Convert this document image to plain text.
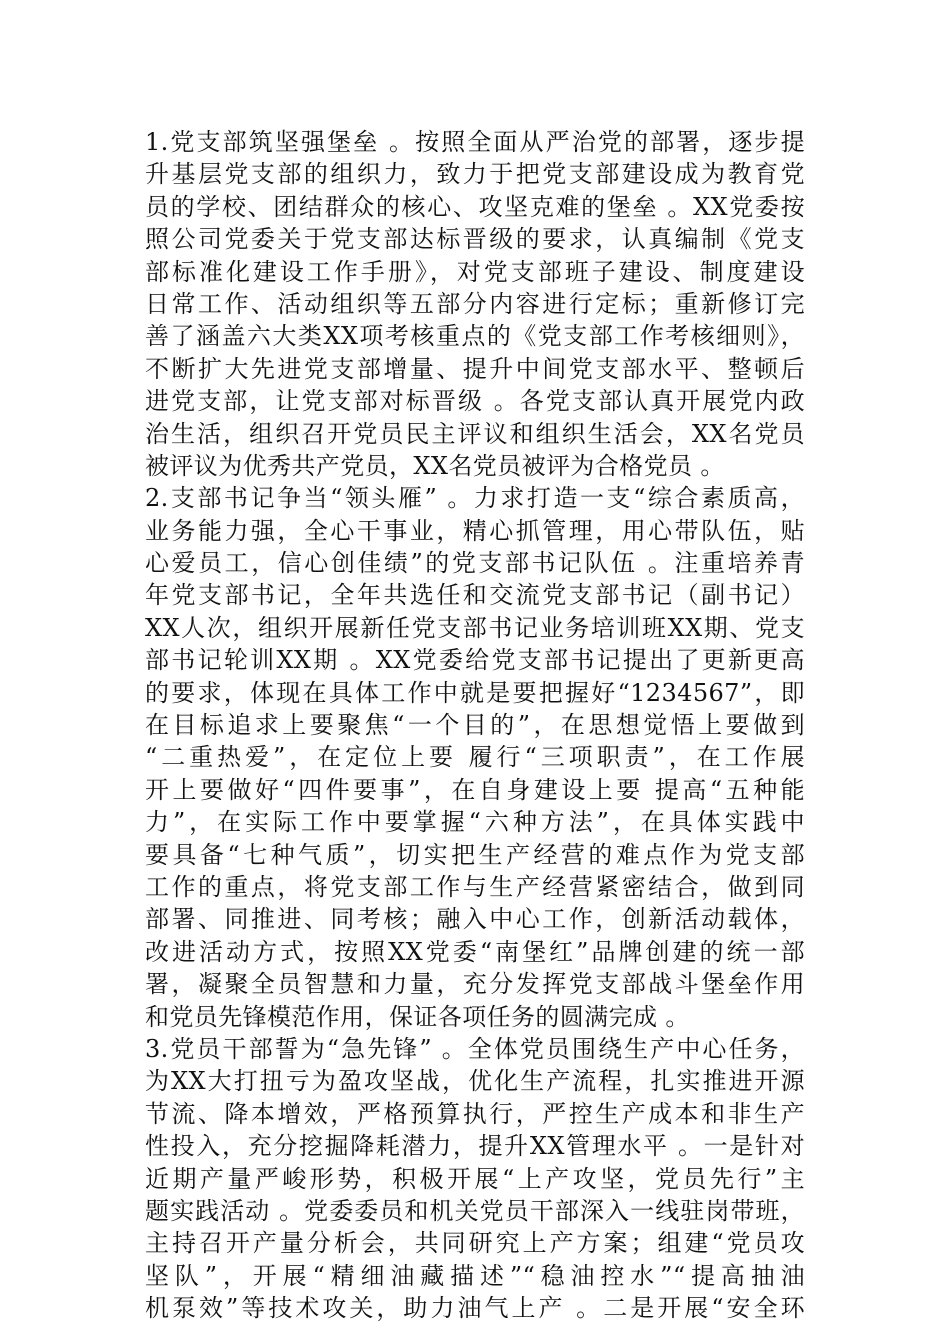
1.党支部筑坚强堡垒 。按照全面从严治党的部署，逐步提
升基层党支部的组织力，致力于把党支部建设成为教育党
员的学校、团结群众的核心、攻坚克难的堡垒 。XX党委按
照公司党委关于党支部达标晋级的要求，认真编制《党支
部标准化建设工作手册》，对党支部班子建设、制度建设
日常工作、活动组织等五部分内容进行定标；重新修订完
善了涵盖六大类XX项考核重点的《党支部工作考核细则》，
不断扩大先进党支部增量、提升中间党支部水平、整顿后
进党支部，让党支部对标晋级 。各党支部认真开展党内政
治生活，组织召开党员民主评议和组织生活会，XX名党员
被评议为优秀共产党员，XX名党员被评为合格党员 。
2.支部书记争当“领头雁” 。力求打造一支“综合素质高，
业务能力强，全心干事业，精心抓管理，用心带队伍，贴
心爱员工，信心创佳绩”的党支部书记队伍 。注重培养青
年党支部书记，全年共选任和交流党支部书记（副书记）
XX人次，组织开展新任党支部书记业务培训班XX期、党支
部书记轮训XX期 。XX党委给党支部书记提出了更新更高
的要求，体现在具体工作中就是要把握好“1234567”，即
在目标追求上要聚焦“一个目的”，在思想觉悟上要做到
“二重热爱”，在定位上要 履行“三项职责”，在工作展
开上要做好“四件要事”，在自身建设上要 提高“五种能
力”，在实际工作中要掌握“六种方法”，在具体实践中
要具备“七种气质”，切实把生产经营的难点作为党支部
工作的重点，将党支部工作与生产经营紧密结合，做到同
部署、同推进、同考核；融入中心工作，创新活动载体，
改进活动方式，按照XX党委“南堡红”品牌创建的统一部
署，凝聚全员智慧和力量，充分发挥党支部战斗堡垒作用
和党员先锋模范作用，保证各项任务的圆满完成 。
3.党员干部誓为“急先锋” 。全体党员围绕生产中心任务，
为XX大打扭亏为盈攻坚战，优化生产流程，扎实推进开源
节流、降本增效，严格预算执行，严控生产成本和非生产
性投入，充分挖掘降耗潜力，提升XX管理水平 。一是针对
近期产量严峻形势，积极开展“上产攻坚，党员先行”主
题实践活动 。党委委员和机关党员干部深入一线驻岗带班，
主持召开产量分析会，共同研究上产方案；组建“党员攻
坚队”，开展“精细油藏描述”“稳油控水”“提高抽油
机泵效”等技术攻关，助力油气上产 。二是开展“安全环
